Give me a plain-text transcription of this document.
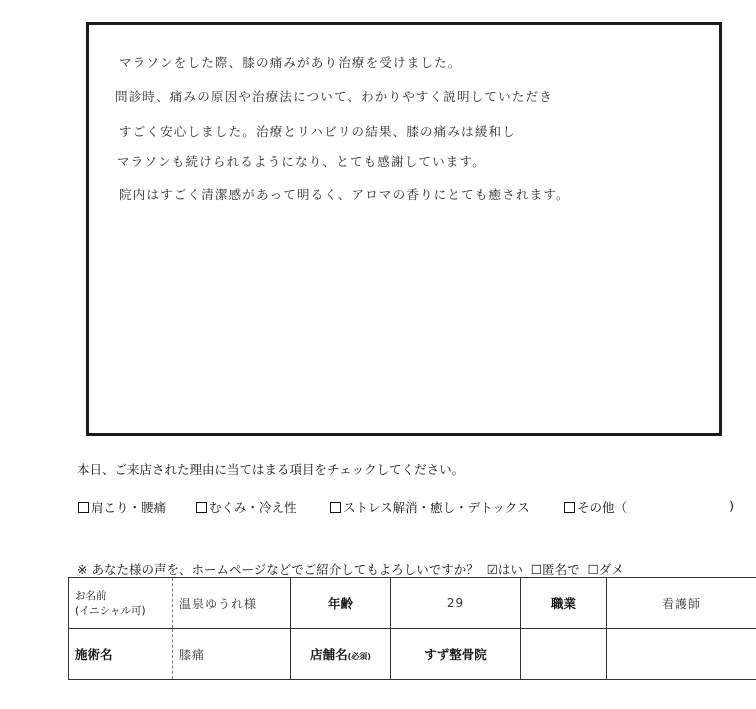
マラソンをした際、膝の痛みがあり治療を受けました。
問診時、痛みの原因や治療法について、わかりやすく説明していただき
すごく安心しました。治療とリハビリの結果、膝の痛みは緩和し
マラソンも続けられるようになり、とても感謝しています。
院内はすごく清潔感があって明るく、アロマの香りにとても癒されます。
本日、ご来店された理由に当てはまる項目をチェックしてください。
肩こり・腰痛	むくみ・冷え性	ストレス解消・癒し・デトックス	その他（	)
※ あなた様の声を、ホームページなどでご紹介してもよろしいですか？ ☑はい ☐匿名で ☐ダメ
お名前
(イニシャル可)	温泉ゆうれ様	年齢	29	職業	看護師
施術名	膝痛	店舗名(必須)	すず整骨院		
